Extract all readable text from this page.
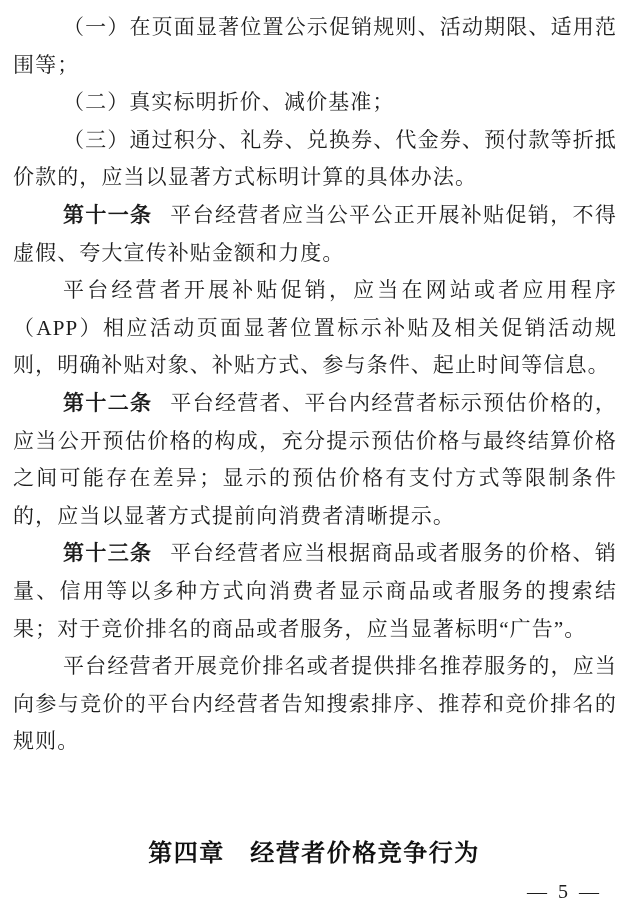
（一）在页面显著位置公示促销规则、活动期限、适用范围等；

（二）真实标明折价、减价基准；

（三）通过积分、礼券、兑换券、代金券、预付款等折抵价款的，应当以显著方式标明计算的具体办法。

第十一条 平台经营者应当公平公正开展补贴促销，不得虚假、夸大宣传补贴金额和力度。

平台经营者开展补贴促销，应当在网站或者应用程序（APP）相应活动页面显著位置标示补贴及相关促销活动规则，明确补贴对象、补贴方式、参与条件、起止时间等信息。

第十二条 平台经营者、平台内经营者标示预估价格的，应当公开预估价格的构成，充分提示预估价格与最终结算价格之间可能存在差异；显示的预估价格有支付方式等限制条件的，应当以显著方式提前向消费者清晰提示。

第十三条 平台经营者应当根据商品或者服务的价格、销量、信用等以多种方式向消费者显示商品或者服务的搜索结果；对于竞价排名的商品或者服务，应当显著标明“广告”。

平台经营者开展竞价排名或者提供排名推荐服务的，应当向参与竞价的平台内经营者告知搜索排序、推荐和竞价排名的规则。

第四章　经营者价格竞争行为
— 5 —
